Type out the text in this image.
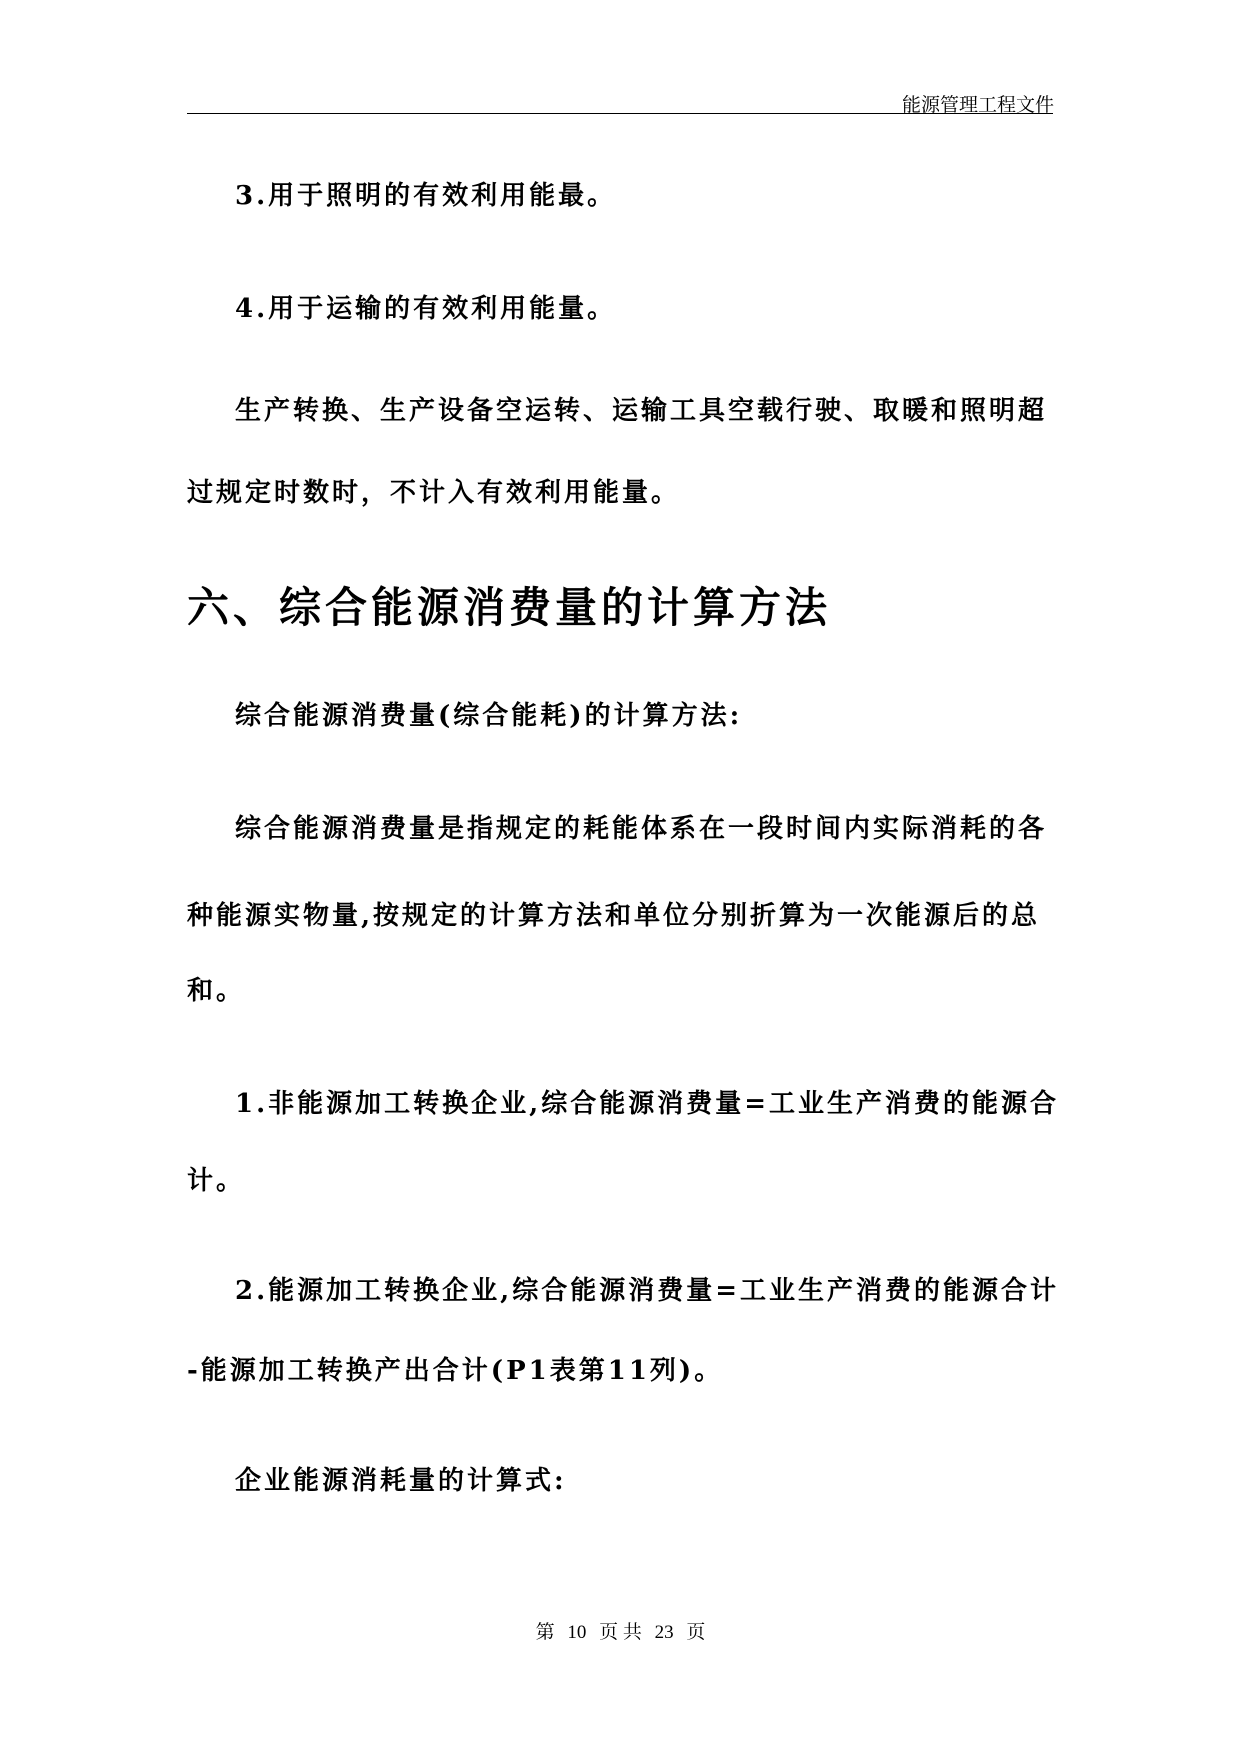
能源管理工程文件
3.用于照明的有效利用能最。
4.用于运输的有效利用能量。
生产转换、生产设备空运转、运输工具空载行驶、取暖和照明超
过规定时数时，不计入有效利用能量。
六、综合能源消费量的计算方法
综合能源消费量(综合能耗)的计算方法:
综合能源消费量是指规定的耗能体系在一段时间内实际消耗的各
种能源实物量,按规定的计算方法和单位分别折算为一次能源后的总
和。
1.非能源加工转换企业,综合能源消费量=工业生产消费的能源合
计。
2.能源加工转换企业,综合能源消费量=工业生产消费的能源合计
-能源加工转换产出合计(P1表第11列)。
企业能源消耗量的计算式:
第 10 页 共 23 页
